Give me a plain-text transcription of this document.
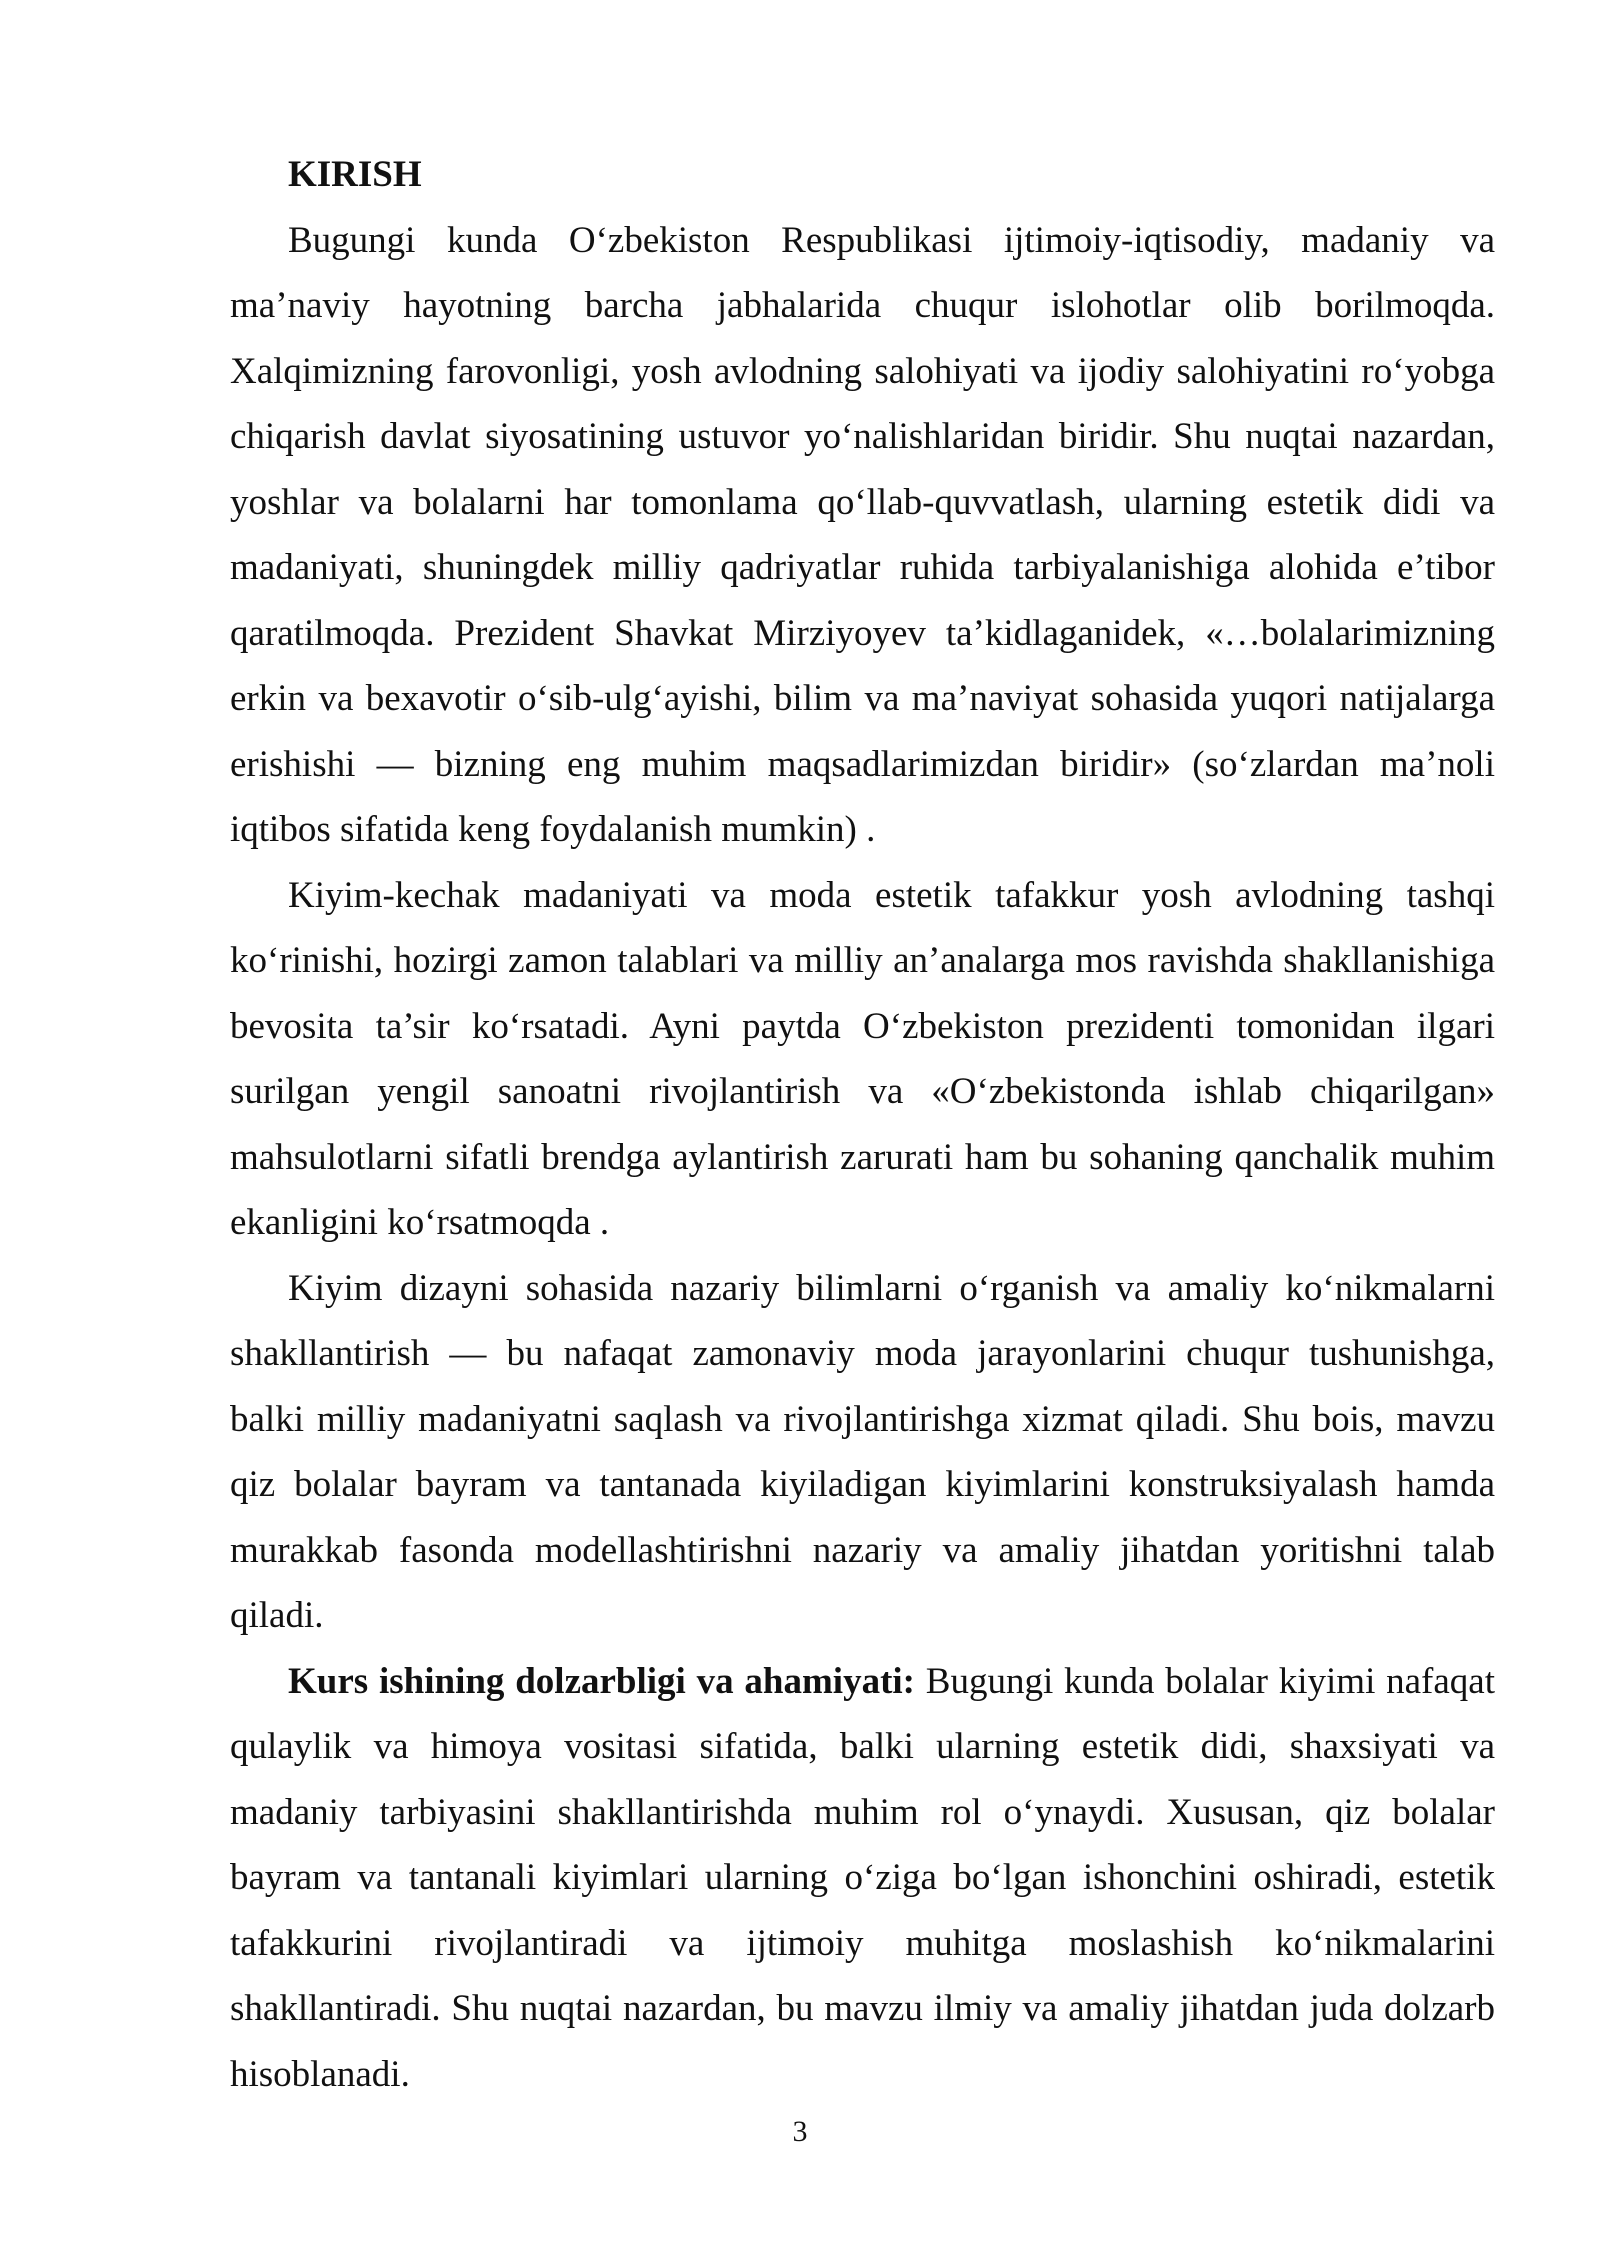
KIRISH
Bugungi kunda O‘zbekiston Respublikasi ijtimoiy-iqtisodiy, madaniy va
ma’naviy hayotning barcha jabhalarida chuqur islohotlar olib borilmoqda.
Xalqimizning farovonligi, yosh avlodning salohiyati va ijodiy salohiyatini ro‘yobga
chiqarish davlat siyosatining ustuvor yo‘nalishlaridan biridir. Shu nuqtai nazardan,
yoshlar va bolalarni har tomonlama qo‘llab-quvvatlash, ularning estetik didi va
madaniyati, shuningdek milliy qadriyatlar ruhida tarbiyalanishiga alohida e’tibor
qaratilmoqda. Prezident Shavkat Mirziyoyev ta’kidlaganidek, «…bolalarimizning
erkin va bexavotir o‘sib-ulg‘ayishi, bilim va ma’naviyat sohasida yuqori natijalarga
erishishi — bizning eng muhim maqsadlarimizdan biridir» (so‘zlardan ma’noli
iqtibos sifatida keng foydalanish mumkin) .
Kiyim-kechak madaniyati va moda estetik tafakkur yosh avlodning tashqi
ko‘rinishi, hozirgi zamon talablari va milliy an’analarga mos ravishda shakllanishiga
bevosita ta’sir ko‘rsatadi. Ayni paytda O‘zbekiston prezidenti tomonidan ilgari
surilgan yengil sanoatni rivojlantirish va «O‘zbekistonda ishlab chiqarilgan»
mahsulotlarni sifatli brendga aylantirish zarurati ham bu sohaning qanchalik muhim
ekanligini ko‘rsatmoqda .
Kiyim dizayni sohasida nazariy bilimlarni o‘rganish va amaliy ko‘nikmalarni
shakllantirish — bu nafaqat zamonaviy moda jarayonlarini chuqur tushunishga,
balki milliy madaniyatni saqlash va rivojlantirishga xizmat qiladi. Shu bois, mavzu
qiz bolalar bayram va tantanada kiyiladigan kiyimlarini konstruksiyalash hamda
murakkab fasonda modellashtirishni nazariy va amaliy jihatdan yoritishni talab
qiladi.
Kurs ishining dolzarbligi va ahamiyati: Bugungi kunda bolalar kiyimi nafaqat
qulaylik va himoya vositasi sifatida, balki ularning estetik didi, shaxsiyati va
madaniy tarbiyasini shakllantirishda muhim rol o‘ynaydi. Xususan, qiz bolalar
bayram va tantanali kiyimlari ularning o‘ziga bo‘lgan ishonchini oshiradi, estetik
tafakkurini rivojlantiradi va ijtimoiy muhitga moslashish ko‘nikmalarini
shakllantiradi. Shu nuqtai nazardan, bu mavzu ilmiy va amaliy jihatdan juda dolzarb
hisoblanadi.
3
